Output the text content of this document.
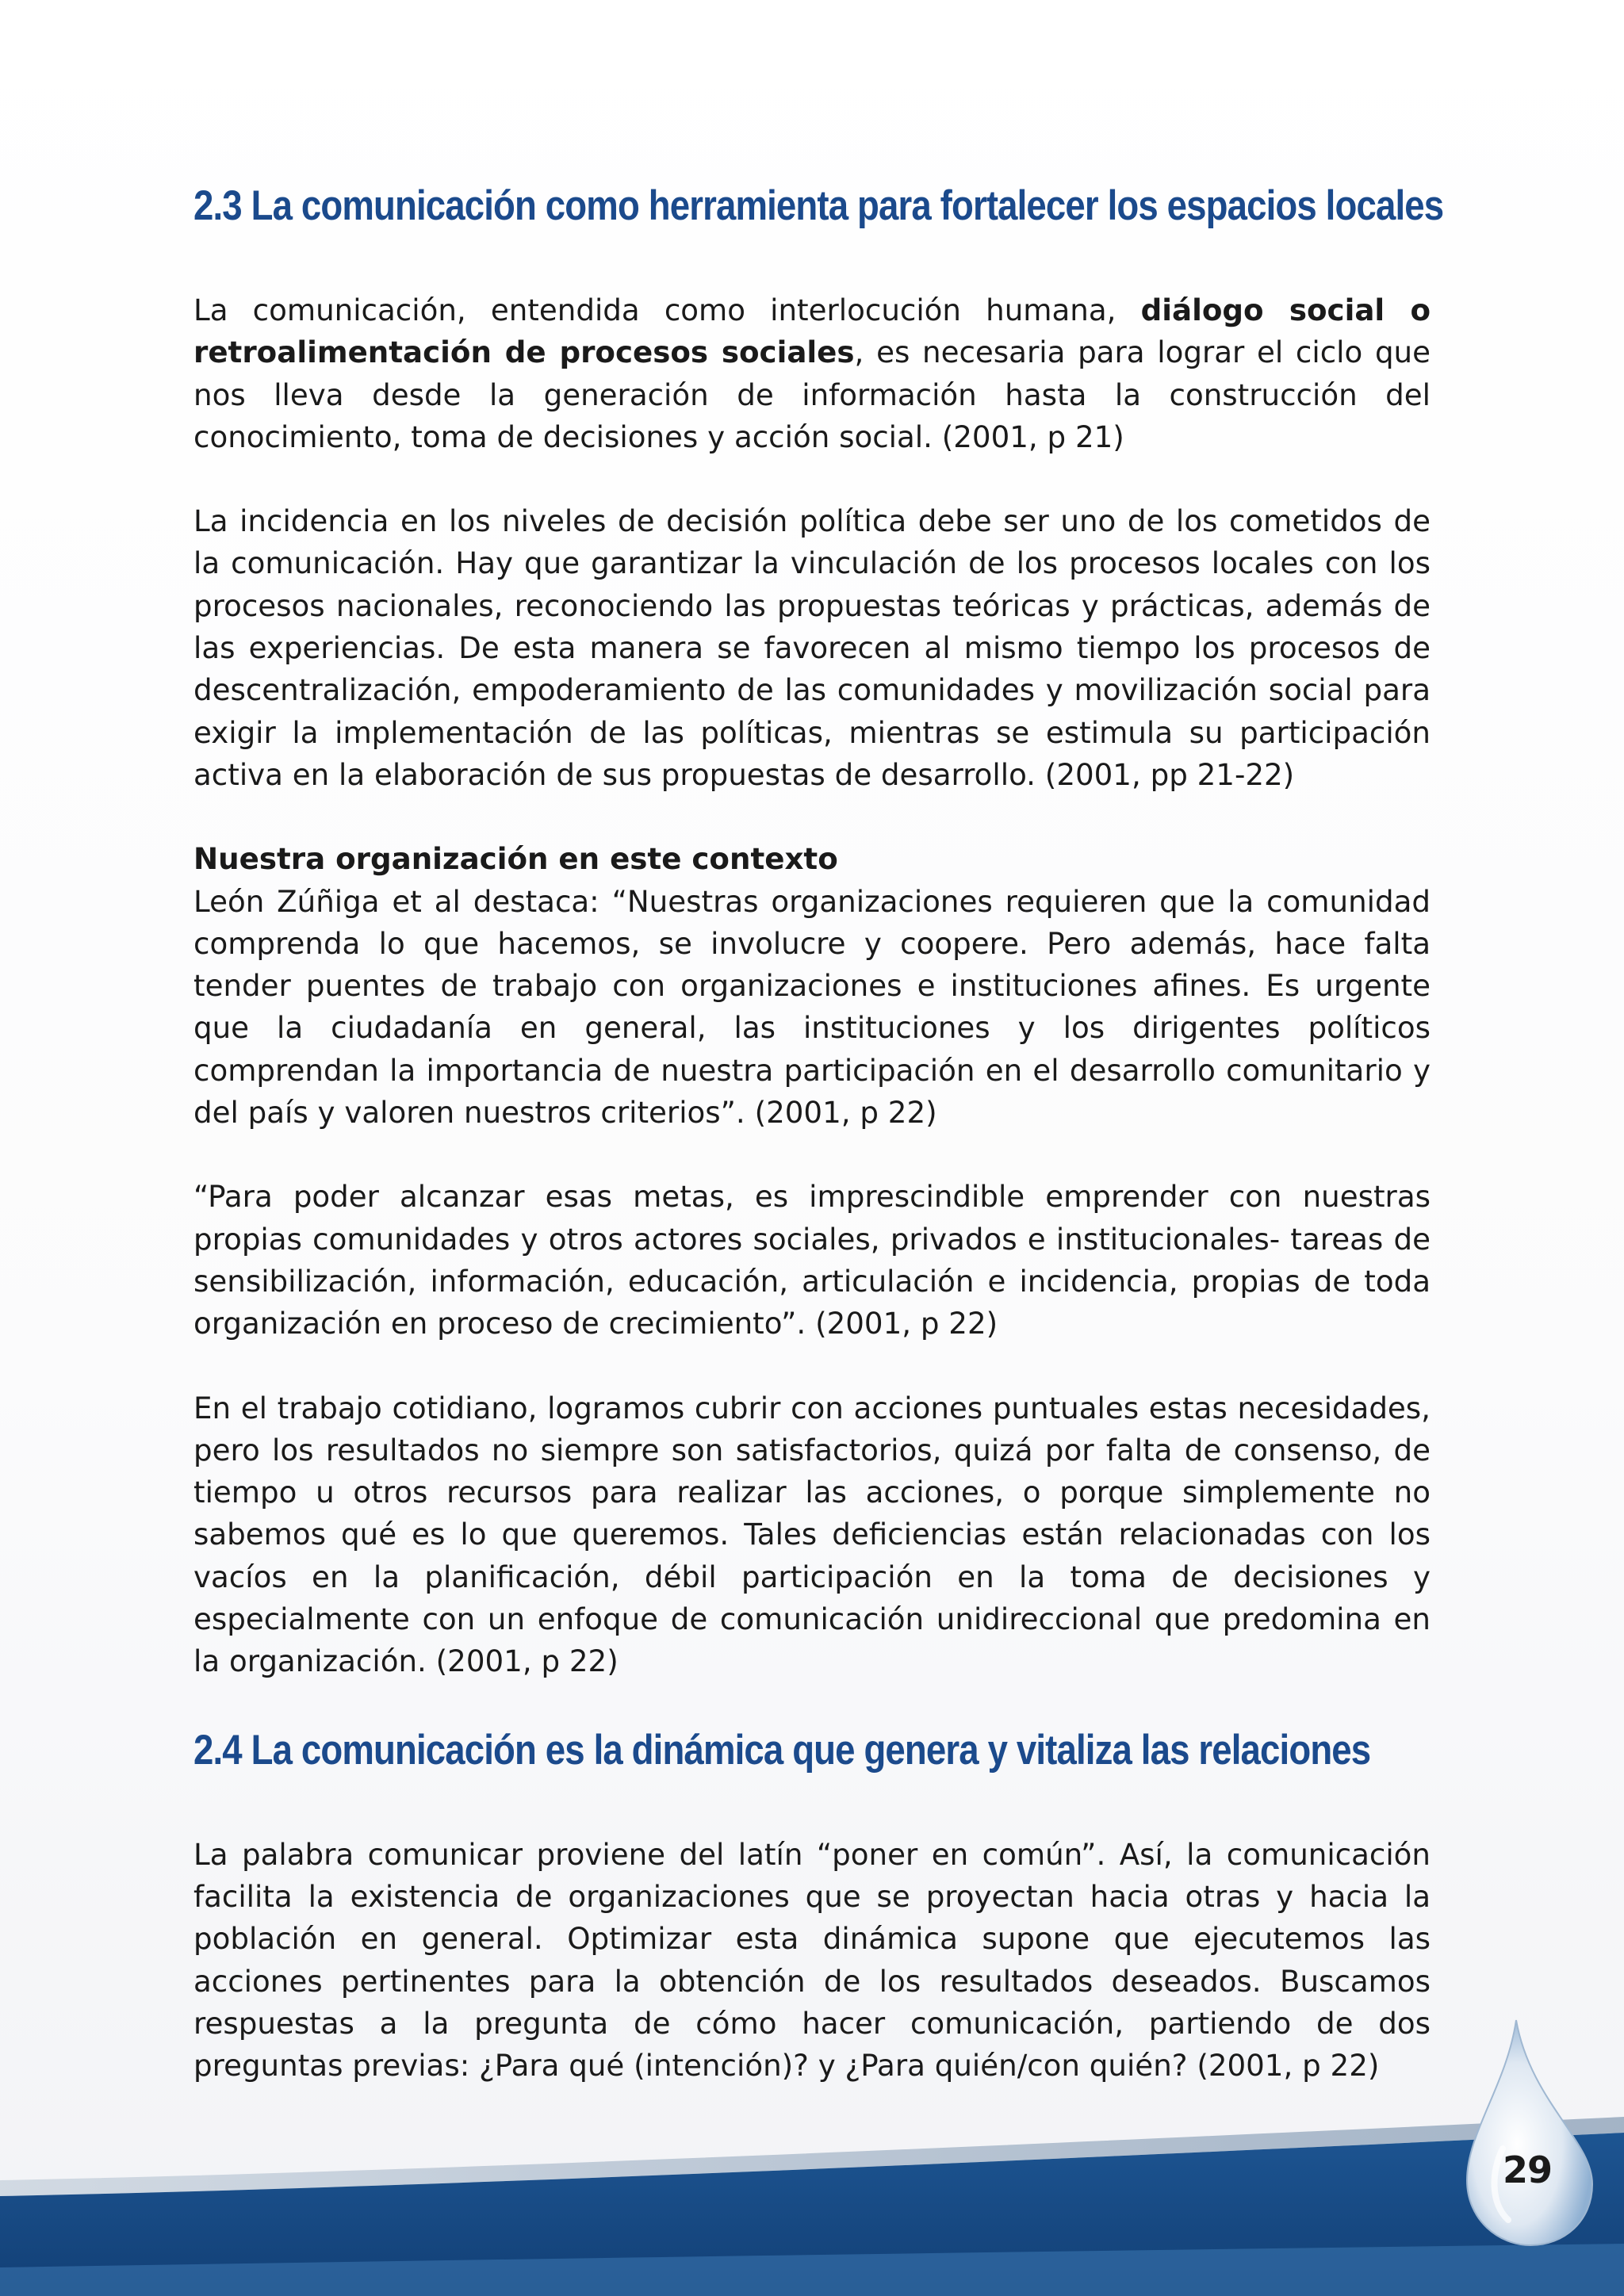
2.3 La comunicación como herramienta para fortalecer los espacios locales

La comunicación, entendida como interlocución humana, diálogo social o retroalimentación de procesos sociales, es necesaria para lograr el ciclo que nos lleva desde la generación de información hasta la construcción del conocimiento, toma de decisiones y acción social. (2001, p 21)

La incidencia en los niveles de decisión política debe ser uno de los cometidos de la comunicación. Hay que garantizar la vinculación de los procesos locales con los procesos nacionales, reconociendo las propuestas teóricas y prácticas, además de las experiencias. De esta manera se favorecen al mismo tiempo los procesos de descentralización, empoderamiento de las comunidades y movilización social para exigir la implementación de las políticas, mientras se estimula su participación activa en la elaboración de sus propuestas de desarrollo. (2001, pp 21-22)

Nuestra organización en este contexto
León Zúñiga et al destaca: “Nuestras organizaciones requieren que la comunidad comprenda lo que hacemos, se involucre y coopere. Pero además, hace falta tender puentes de trabajo con organizaciones e instituciones afines. Es urgente que la ciudadanía en general, las instituciones y los dirigentes políticos comprendan la importancia de nuestra participación en el desarrollo comunitario y del país y valoren nuestros criterios”. (2001, p 22)

“Para poder alcanzar esas metas, es imprescindible emprender con nuestras propias comunidades y otros actores sociales, privados e institucionales- tareas de sensibilización, información, educación, articulación e incidencia, propias de toda organización en proceso de crecimiento”. (2001, p 22)

En el trabajo cotidiano, logramos cubrir con acciones puntuales estas necesidades, pero los resultados no siempre son satisfactorios, quizá por falta de consenso, de tiempo u otros recursos para realizar las acciones, o porque simplemente no sabemos qué es lo que queremos. Tales deficiencias están relacionadas con los vacíos en la planificación, débil participación en la toma de decisiones y especialmente con un enfoque de comunicación unidireccional que predomina en la organización. (2001, p 22)

2.4 La comunicación es la dinámica que genera y vitaliza las relaciones

La palabra comunicar proviene del latín “poner en común”. Así, la comunicación facilita la existencia de organizaciones que se proyectan hacia otras y hacia la población en general. Optimizar esta dinámica supone que ejecutemos las acciones pertinentes para la obtención de los resultados deseados. Buscamos respuestas a la pregunta de cómo hacer comunicación, partiendo de dos preguntas previas: ¿Para qué (intención)? y ¿Para quién/con quién? (2001, p 22)

29
